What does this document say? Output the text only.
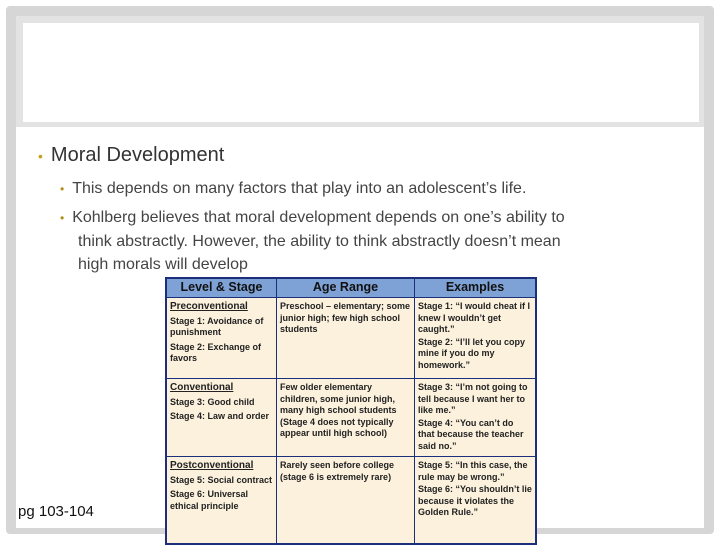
• Moral Development
• This depends on many factors that play into an adolescent’s life.
• Kohlberg believes that moral development depends on one’s ability to
think abstractly. However, the ability to think abstractly doesn’t mean
high morals will develop
Level & Stage	Age Range	Examples

Preconventional
Stage 1: Avoidance of punishment
Stage 2: Exchange of favors	Preschool – elementary; some junior high; few high school students	Stage 1: “I would cheat if I knew I wouldn’t get caught.”
Stage 2: “I’ll let you copy mine if you do my homework.”

Conventional
Stage 3: Good child
Stage 4: Law and order	Few older elementary children, some junior high, many high school students (Stage 4 does not typically appear until high school)	Stage 3: “I’m not going to tell because I want her to like me.”
Stage 4: “You can’t do that because the teacher said no.”

Postconventional
Stage 5: Social contract
Stage 6: Universal ethical principle	Rarely seen before college (stage 6 is extremely rare)	Stage 5: “In this case, the rule may be wrong.”
Stage 6: “You shouldn’t lie because it violates the Golden Rule.”
pg 103-104
